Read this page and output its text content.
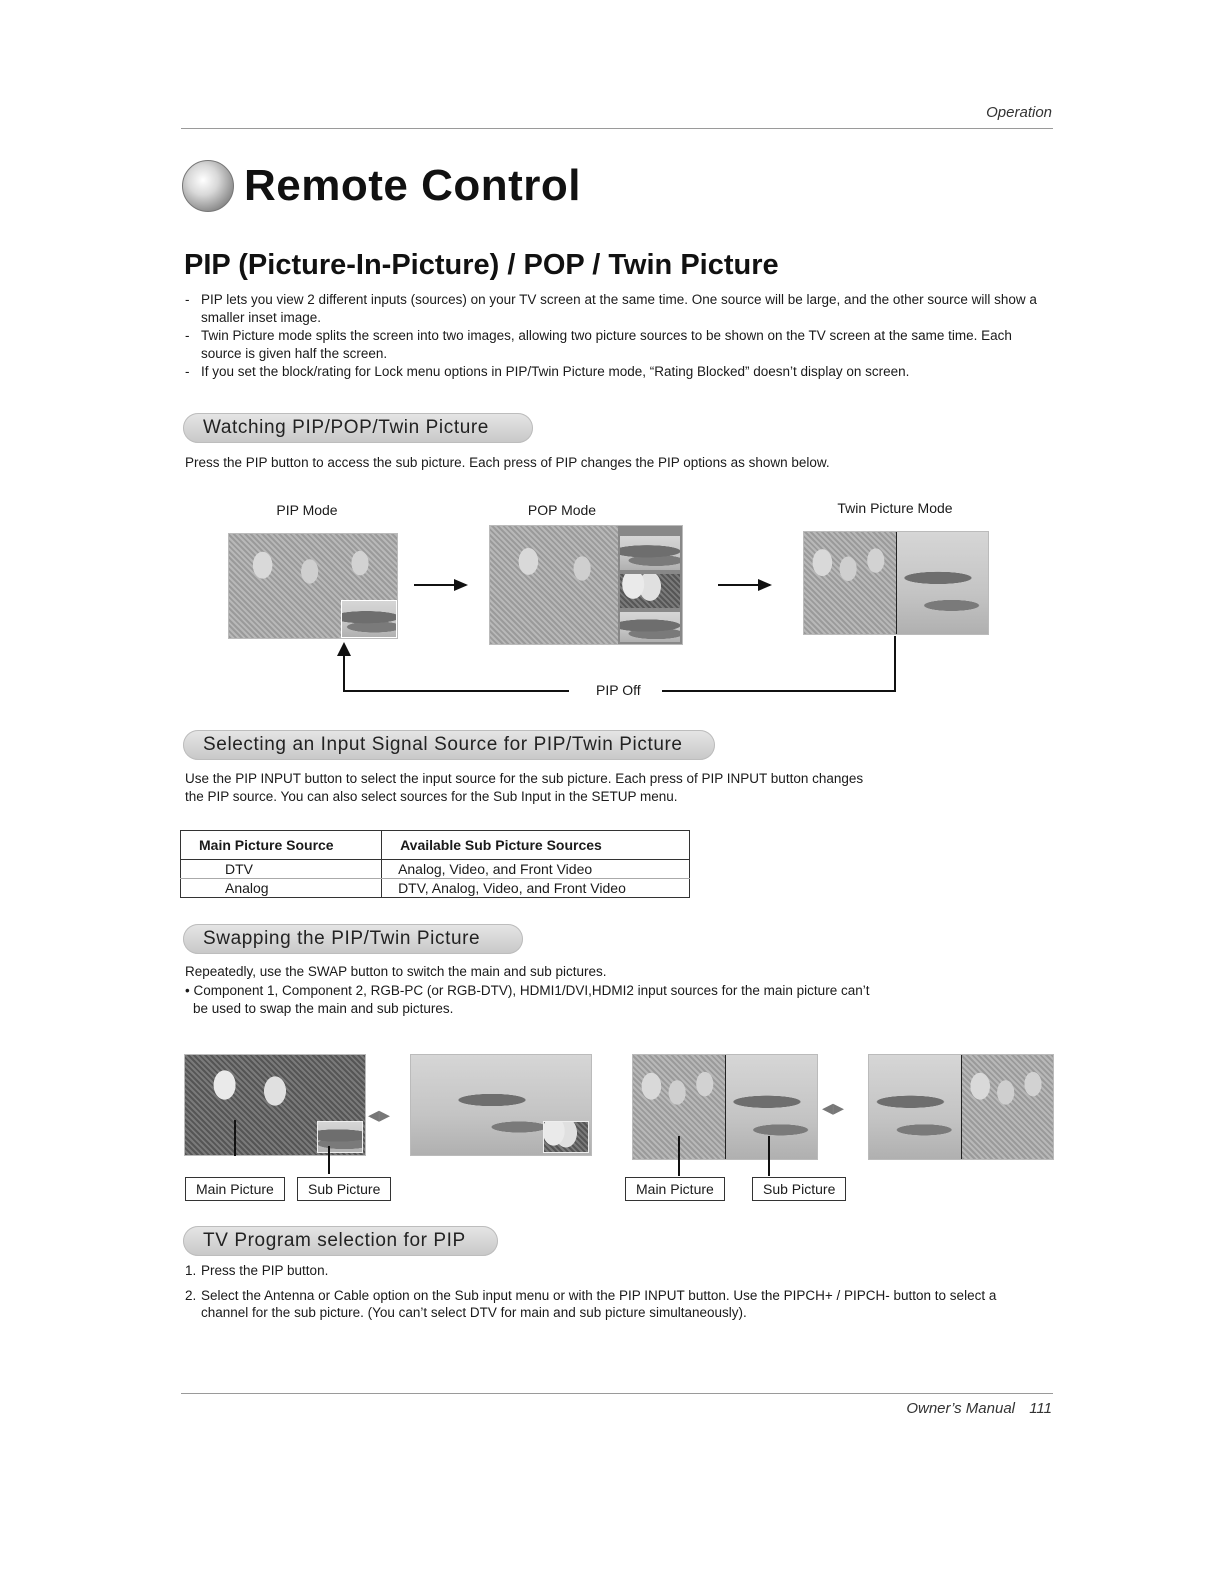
Operation
Remote Control
PIP (Picture-In-Picture) / POP / Twin Picture
- PIP lets you view 2 different inputs (sources) on your TV screen at the same time. One source will be large, and the other source will show a smaller inset image.
- Twin Picture mode splits the screen into two images, allowing two picture sources to be shown on the TV screen at the same time. Each source is given half the screen.
- If you set the block/rating for Lock menu options in PIP/Twin Picture mode, “Rating Blocked” doesn’t display on screen.
Watching PIP/POP/Twin Picture
Press the PIP button to access the sub picture. Each press of PIP changes the PIP options as shown below.
PIP Mode	POP Mode	Twin Picture Mode
PIP Off
Selecting an Input Signal Source for PIP/Twin Picture
Use the PIP INPUT button to select the input source for the sub picture. Each press of PIP INPUT button changes
the PIP source. You can also select sources for the Sub Input in the SETUP menu.
Main Picture Source	Available Sub Picture Sources
DTV	Analog, Video, and Front Video
Analog	DTV, Analog, Video, and Front Video
Swapping the PIP/Twin Picture
Repeatedly, use the SWAP button to switch the main and sub pictures.
• Component 1, Component 2, RGB-PC (or RGB-DTV), HDMI1/DVI,HDMI2 input sources for the main picture can’t
be used to swap the main and sub pictures.
◂▸
Main Picture	Sub Picture
◂▸
Main Picture	Sub Picture
TV Program selection for PIP
1. Press the PIP button.
2. Select the Antenna or Cable option on the Sub input menu or with the PIP INPUT button. Use the PIPCH+ / PIPCH- button to select a channel for the sub picture. (You can’t select DTV for main and sub picture simultaneously).
Owner’s Manual 111
